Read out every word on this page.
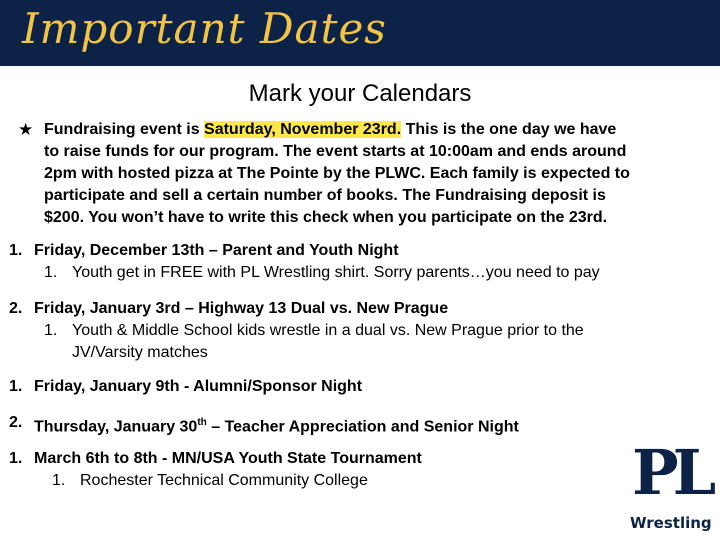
Important Dates
Mark your Calendars
★ Fundraising event is Saturday, November 23rd. This is the one day we have
to raise funds for our program. The event starts at 10:00am and ends around
2pm with hosted pizza at The Pointe by the PLWC. Each family is expected to
participate and sell a certain number of books. The Fundraising deposit is
$200. You won’t have to write this check when you participate on the 23rd.
1. Friday, December 13th – Parent and Youth Night
1. Youth get in FREE with PL Wrestling shirt. Sorry parents…you need to pay
2. Friday, January 3rd – Highway 13 Dual vs. New Prague
1. Youth & Middle School kids wrestle in a dual vs. New Prague prior to the
JV/Varsity matches
1. Friday, January 9th - Alumni/Sponsor Night
2. Thursday, January 30th – Teacher Appreciation and Senior Night
1. March 6th to 8th - MN/USA Youth State Tournament
1. Rochester Technical Community College	PL
Wrestling
